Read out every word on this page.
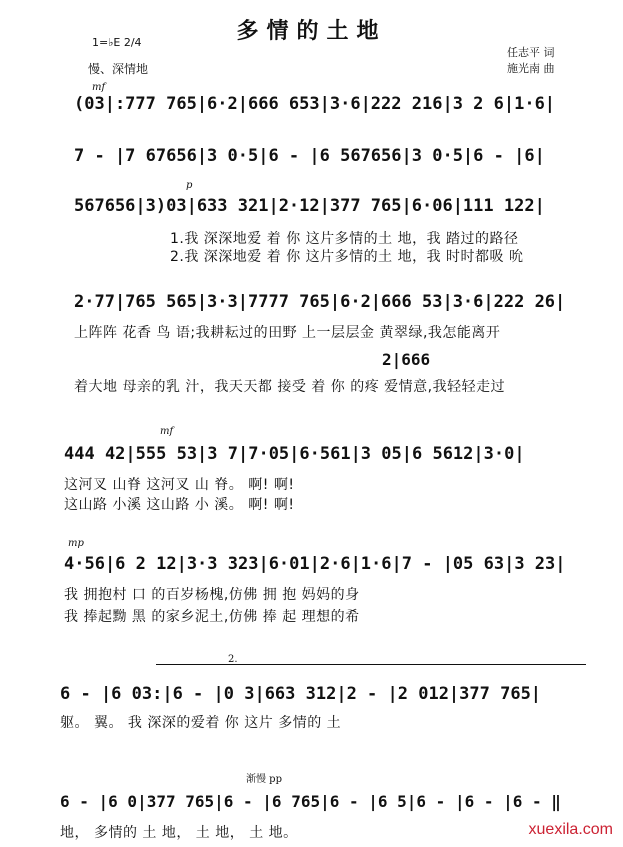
多情的土地
1=♭E 2/4
慢、深情地
任志平 词
施光南 曲
mf
(03|:777 765|6·2|666 653|3·6|222 216|3 2 6|1·6|
7 - |7 67656|3 0·5|6 - |6 567656|3 0·5|6 - |6|
p
567656|3)03|633 321|2·12|377 765|6·06|111 122|
1.我 深深地爱 着 你 这片多情的土 地，我 踏过的路径
2.我 深深地爱 着 你 这片多情的土 地，我 时时都吸 吮
2·77|765 565|3·3|7777 765|6·2|666 53|3·6|222 26|
上阵阵 花香 鸟 语;我耕耘过的田野 上一层层金 黄翠绿,我怎能离开
2|666
着大地 母亲的乳 汁，我天天都 接受 着 你 的疼 爱情意,我轻轻走过
mf
444 42|555 53|3 7|7·05|6·561|3 05|6 5612|3·0|
这河叉 山脊 这河叉 山 脊。 啊! 啊!
这山路 小溪 这山路 小 溪。 啊! 啊!
mp
4·56|6 2 12|3·3 323|6·01|2·6|1·6|7 - |05 63|3 23|
我 拥抱村 口 的百岁杨槐,仿佛 拥 抱 妈妈的身
我 捧起黝 黑 的家乡泥土,仿佛 捧 起 理想的希
2.
6 - |6 03:|6 - |0 3|663 312|2 - |2 012|377 765|
躯。 翼。 我 深深的爱着 你 这片 多情的 土
渐慢 pp
6 - |6 0|377 765|6 - |6 765|6 - |6 5|6 - |6 - |6 - ‖
地， 多情的 土 地， 土 地， 土 地。	xuexila.com
